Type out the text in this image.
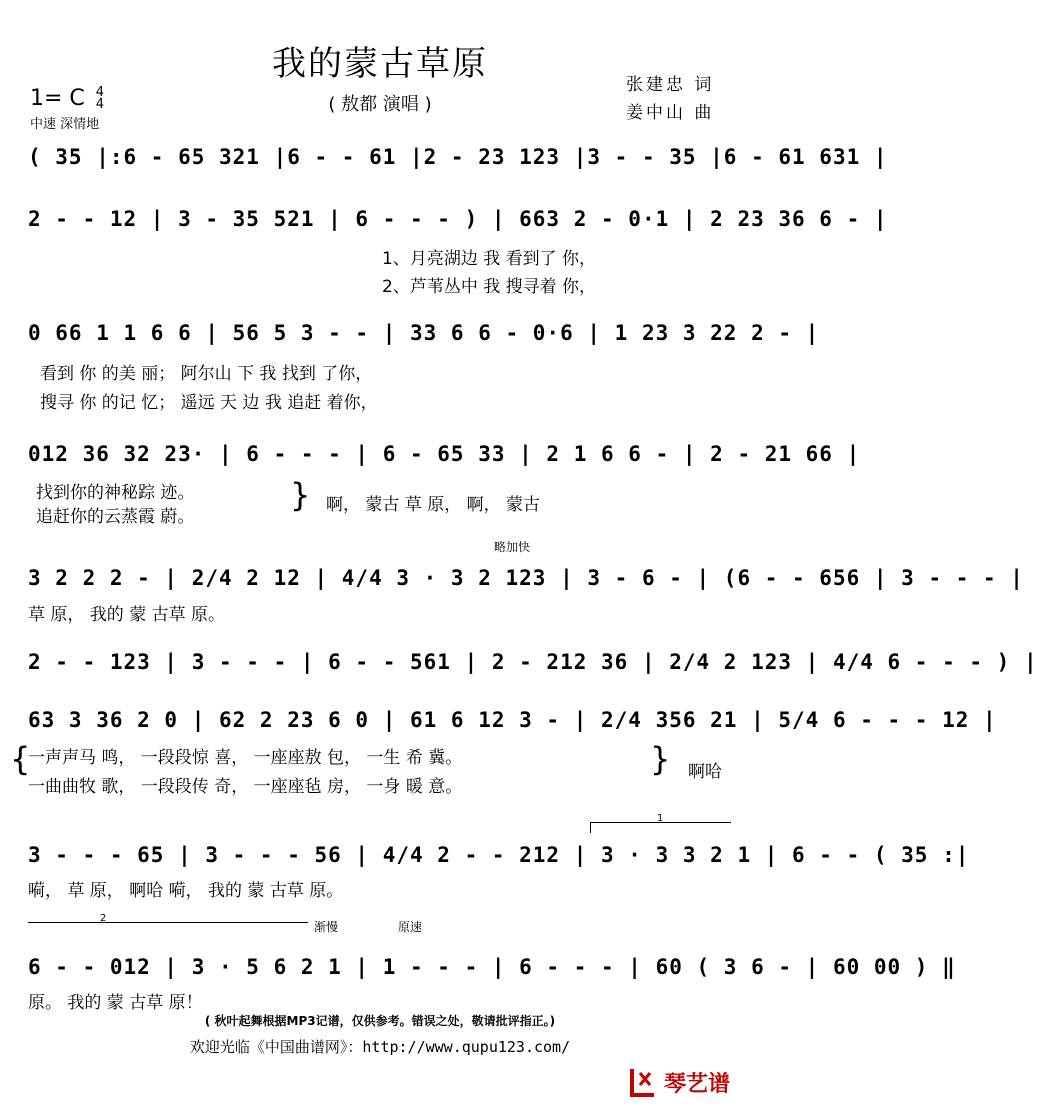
我的蒙古草原
( 敖都 演唱 )
张建忠 词
姜中山 曲
1= C 4
4
中速 深情地
( 35 |:6 - 65 321 |6 - - 61 |2 - 23 123 |3 - - 35 |6 - 61 631 |
2 - - 12 | 3 - 35 521 | 6 - - - ) | 663 2 - 0·1 | 2 23 36 6 - |
1、月亮湖边 我 看到了 你，
2、芦苇丛中 我 搜寻着 你，
0 66 1 1 6 6 | 56 5 3 - - | 33 6 6 - 0·6 | 1 23 3 22 2 - |
看到 你 的美 丽； 阿尔山 下 我 找到 了你，
搜寻 你 的记 忆； 遥远 天 边 我 追赶 着你，
012 36 32 23· | 6 - - - | 6 - 65 33 | 2 1 6 6 - | 2 - 21 66 |
找到你的神秘踪 迹。
追赶你的云蒸霞 蔚。
} 啊， 蒙古 草 原， 啊， 蒙古
略加快
3 2 2 2 - | 2/4 2 12 | 4/4 3 · 3 2 123 | 3 - 6 - | (6 - - 656 | 3 - - - |
草 原， 我的 蒙 古草 原。
2 - - 123 | 3 - - - | 6 - - 561 | 2 - 212 36 | 2/4 2 123 | 4/4 6 - - - ) |
63 3 36 2 0 | 62 2 23 6 0 | 61 6 12 3 - | 2/4 356 21 | 5/4 6 - - - 12 |
{
一声声马 鸣， 一段段惊 喜， 一座座敖 包， 一生 希 冀。
一曲曲牧 歌， 一段段传 奇， 一座座毡 房， 一身 暖 意。
} 啊哈
1
3 - - - 65 | 3 - - - 56 | 4/4 2 - - 212 | 3 · 3 3 2 1 | 6 - - ( 35 :|
嗬， 草 原， 啊哈 嗬， 我的 蒙 古草 原。
2
渐慢	原速
6 - - 012 | 3 · 5 6 2 1 | 1 - - - | 6 - - - | 60 ( 3 6 - | 60 00 ) ‖
原。 我的 蒙 古草 原！
( 秋叶起舞根据MP3记谱，仅供参考。错误之处，敬请批评指正。)
欢迎光临《中国曲谱网》：http://www.qupu123.com/
琴艺谱
